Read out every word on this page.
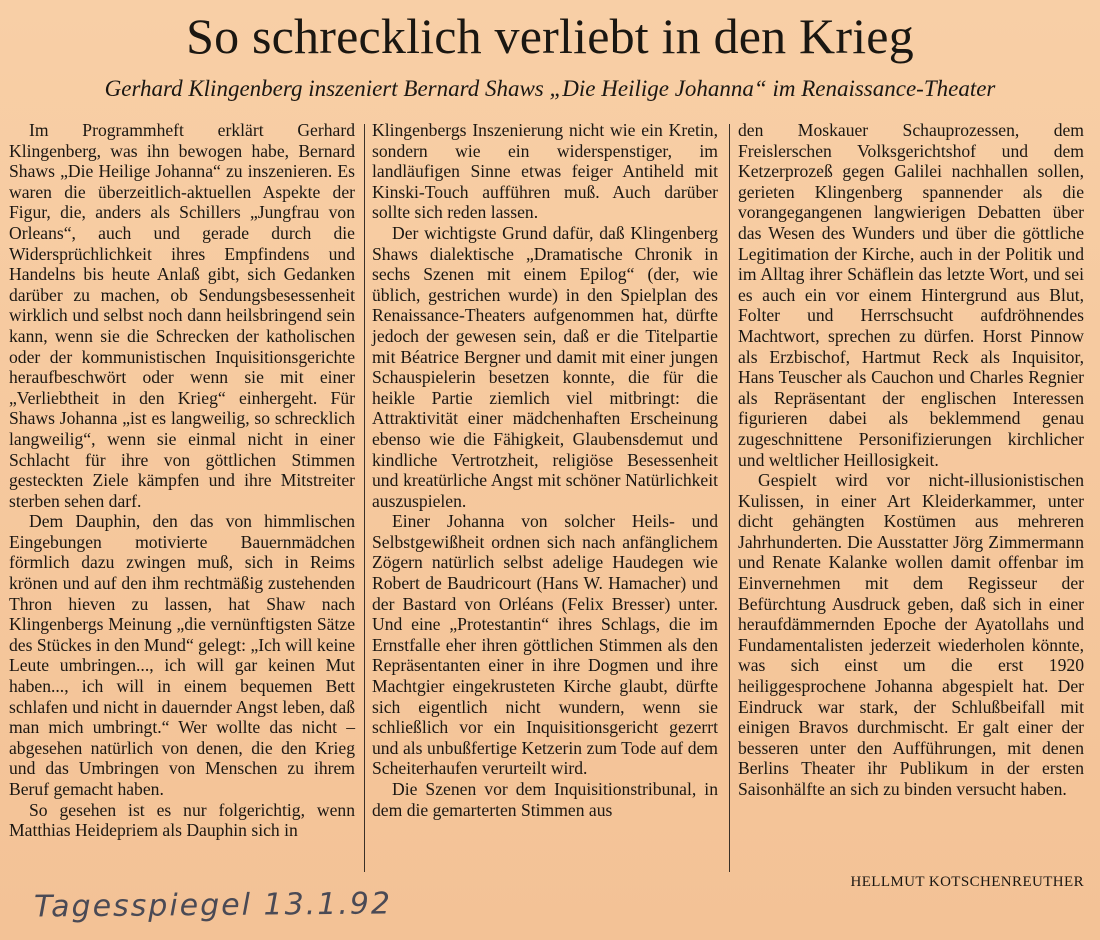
So schrecklich verliebt in den Krieg
Gerhard Klingenberg inszeniert Bernard Shaws „Die Heilige Johanna“ im Renaissance-Theater

Im Programmheft erklärt Gerhard Klingenberg, was ihn bewogen habe, Bernard Shaws „Die Heilige Johanna“ zu inszenieren. Es waren die überzeitlich-aktuellen Aspekte der Figur, die, anders als Schillers „Jungfrau von Orleans“, auch und gerade durch die Widersprüchlichkeit ihres Empfindens und Handelns bis heute Anlaß gibt, sich Gedanken darüber zu machen, ob Sendungsbesessenheit wirklich und selbst noch dann heilsbringend sein kann, wenn sie die Schrecken der katholischen oder der kommunistischen Inquisitionsgerichte heraufbeschwört oder wenn sie mit einer „Verliebtheit in den Krieg“ einhergeht. Für Shaws Johanna „ist es langweilig, so schrecklich langweilig“, wenn sie einmal nicht in einer Schlacht für ihre von göttlichen Stimmen gesteckten Ziele kämpfen und ihre Mitstreiter sterben sehen darf.

Dem Dauphin, den das von himmlischen Eingebungen motivierte Bauernmädchen förmlich dazu zwingen muß, sich in Reims krönen und auf den ihm rechtmäßig zustehenden Thron hieven zu lassen, hat Shaw nach Klingenbergs Meinung „die vernünftigsten Sätze des Stückes in den Mund“ gelegt: „Ich will keine Leute umbringen..., ich will gar keinen Mut haben..., ich will in einem bequemen Bett schlafen und nicht in dauernder Angst leben, daß man mich umbringt.“ Wer wollte das nicht – abgesehen natürlich von denen, die den Krieg und das Umbringen von Menschen zu ihrem Beruf gemacht haben.

So gesehen ist es nur folgerichtig, wenn Matthias Heidepriem als Dauphin sich in

Klingenbergs Inszenierung nicht wie ein Kretin, sondern wie ein widerspenstiger, im landläufigen Sinne etwas feiger Antiheld mit Kinski-Touch aufführen muß. Auch darüber sollte sich reden lassen.

Der wichtigste Grund dafür, daß Klingenberg Shaws dialektische „Dramatische Chronik in sechs Szenen mit einem Epilog“ (der, wie üblich, gestrichen wurde) in den Spielplan des Renaissance-Theaters aufgenommen hat, dürfte jedoch der gewesen sein, daß er die Titelpartie mit Béatrice Bergner und damit mit einer jungen Schauspielerin besetzen konnte, die für die heikle Partie ziemlich viel mitbringt: die Attraktivität einer mädchenhaften Erscheinung ebenso wie die Fähigkeit, Glaubensdemut und kindliche Vertrotzheit, religiöse Besessenheit und kreatürliche Angst mit schöner Natürlichkeit auszuspielen.

Einer Johanna von solcher Heils- und Selbstgewißheit ordnen sich nach anfänglichem Zögern natürlich selbst adelige Haudegen wie Robert de Baudricourt (Hans W. Hamacher) und der Bastard von Orléans (Felix Bresser) unter. Und eine „Protestantin“ ihres Schlags, die im Ernstfalle eher ihren göttlichen Stimmen als den Repräsentanten einer in ihre Dogmen und ihre Machtgier eingekrusteten Kirche glaubt, dürfte sich eigentlich nicht wundern, wenn sie schließlich vor ein Inquisitionsgericht gezerrt und als unbußfertige Ketzerin zum Tode auf dem Scheiterhaufen verurteilt wird.

Die Szenen vor dem Inquisitionstribunal, in dem die gemarterten Stimmen aus

den Moskauer Schauprozessen, dem Freislerschen Volksgerichtshof und dem Ketzerprozeß gegen Galilei nachhallen sollen, gerieten Klingenberg spannender als die vorangegangenen langwierigen Debatten über das Wesen des Wunders und über die göttliche Legitimation der Kirche, auch in der Politik und im Alltag ihrer Schäflein das letzte Wort, und sei es auch ein vor einem Hintergrund aus Blut, Folter und Herrschsucht aufdröhnendes Machtwort, sprechen zu dürfen. Horst Pinnow als Erzbischof, Hartmut Reck als Inquisitor, Hans Teuscher als Cauchon und Charles Regnier als Repräsentant der englischen Interessen figurieren dabei als beklemmend genau zugeschnittene Personifizierungen kirchlicher und weltlicher Heillosigkeit.

Gespielt wird vor nicht-illusionistischen Kulissen, in einer Art Kleiderkammer, unter dicht gehängten Kostümen aus mehreren Jahrhunderten. Die Ausstatter Jörg Zimmermann und Renate Kalanke wollen damit offenbar im Einvernehmen mit dem Regisseur der Befürchtung Ausdruck geben, daß sich in einer heraufdämmernden Epoche der Ayatollahs und Fundamentalisten jederzeit wiederholen könnte, was sich einst um die erst 1920 heiliggesprochene Johanna abgespielt hat. Der Eindruck war stark, der Schlußbeifall mit einigen Bravos durchmischt. Er galt einer der besseren unter den Aufführungen, mit denen Berlins Theater ihr Publikum in der ersten Saisonhälfte an sich zu binden versucht haben.

HELLMUT KOTSCHENREUTHER
Tagesspiegel 13.1.92
